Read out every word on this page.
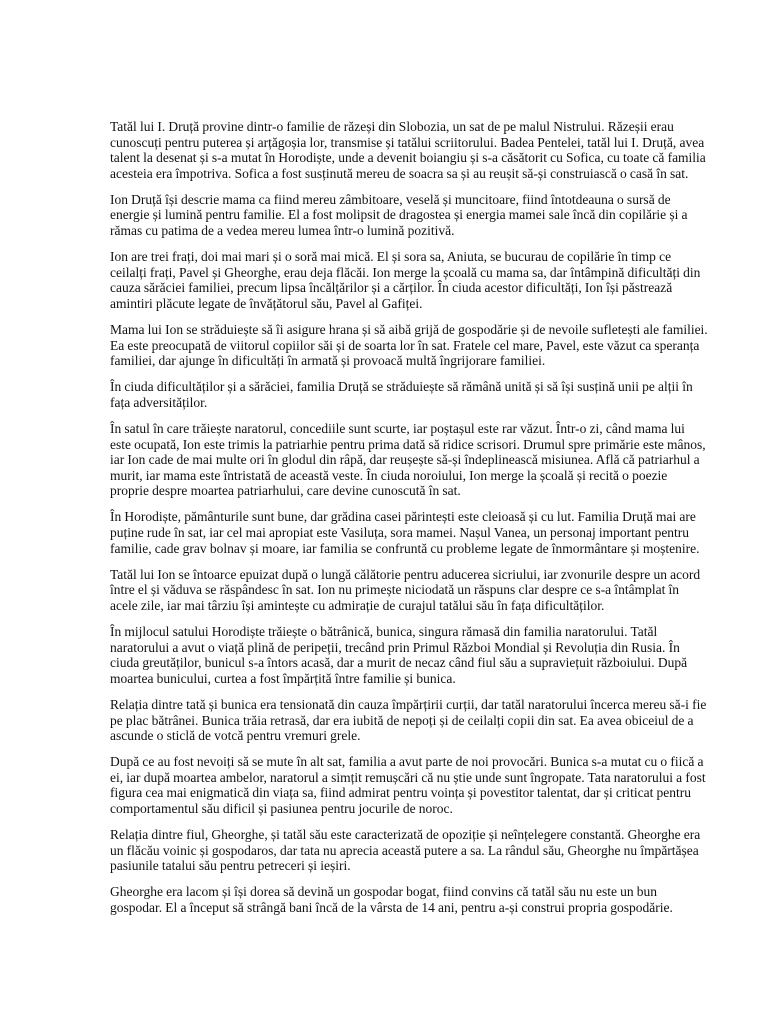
Tatăl lui I. Druță provine dintr-o familie de răzeși din Slobozia, un sat de pe malul Nistrului. Răzeșii erau cunoscuți pentru puterea și arțăgoșia lor, transmise și tatălui scriitorului. Badea Pentelei, tatăl lui I. Druță, avea talent la desenat și s-a mutat în Horodiște, unde a devenit boiangiu și s-a căsătorit cu Sofica, cu toate că familia acesteia era împotriva. Sofica a fost susținută mereu de soacra sa și au reușit să-și construiască o casă în sat.

Ion Druță își descrie mama ca fiind mereu zâmbitoare, veselă și muncitoare, fiind întotdeauna o sursă de energie și lumină pentru familie. El a fost molipsit de dragostea și energia mamei sale încă din copilărie și a rămas cu patima de a vedea mereu lumea într-o lumină pozitivă.

Ion are trei frați, doi mai mari și o soră mai mică. El și sora sa, Aniuta, se bucurau de copilărie în timp ce ceilalți frați, Pavel și Gheorghe, erau deja flăcăi. Ion merge la școală cu mama sa, dar întâmpină dificultăți din cauza sărăciei familiei, precum lipsa încălțărilor și a cărților. În ciuda acestor dificultăți, Ion își păstrează amintiri plăcute legate de învățătorul său, Pavel al Gafiței.

Mama lui Ion se străduiește să îi asigure hrana și să aibă grijă de gospodărie și de nevoile sufletești ale familiei. Ea este preocupată de viitorul copiilor săi și de soarta lor în sat. Fratele cel mare, Pavel, este văzut ca speranța familiei, dar ajunge în dificultăți în armată și provoacă multă îngrijorare familiei.

În ciuda dificultăților și a sărăciei, familia Druță se străduiește să rămână unită și să își susțină unii pe alții în fața adversităților.

În satul în care trăiește naratorul, concediile sunt scurte, iar poștașul este rar văzut. Într-o zi, când mama lui este ocupată, Ion este trimis la patriarhie pentru prima dată să ridice scrisori. Drumul spre primărie este mânos, iar Ion cade de mai multe ori în glodul din râpă, dar reușește să-și îndeplinească misiunea. Află că patriarhul a murit, iar mama este întristată de această veste. În ciuda noroiului, Ion merge la școală și recită o poezie proprie despre moartea patriarhului, care devine cunoscută în sat.

În Horodiște, pământurile sunt bune, dar grădina casei părintești este cleioasă și cu lut. Familia Druță mai are puține rude în sat, iar cel mai apropiat este Vasiluța, sora mamei. Nașul Vanea, un personaj important pentru familie, cade grav bolnav și moare, iar familia se confruntă cu probleme legate de înmormântare și moștenire.

Tatăl lui Ion se întoarce epuizat după o lungă călătorie pentru aducerea sicriului, iar zvonurile despre un acord între el și văduva se răspândesc în sat. Ion nu primește niciodată un răspuns clar despre ce s-a întâmplat în acele zile, iar mai târziu își amintește cu admirație de curajul tatălui său în fața dificultăților.

În mijlocul satului Horodiște trăiește o bătrânică, bunica, singura rămasă din familia naratorului. Tatăl naratorului a avut o viață plină de peripeții, trecând prin Primul Război Mondial și Revoluția din Rusia. În ciuda greutăților, bunicul s-a întors acasă, dar a murit de necaz când fiul său a supraviețuit războiului. După moartea bunicului, curtea a fost împărțită între familie și bunica.

Relația dintre tată și bunica era tensionată din cauza împărțirii curții, dar tatăl naratorului încerca mereu să-i fie pe plac bătrânei. Bunica trăia retrasă, dar era iubită de nepoți și de ceilalți copii din sat. Ea avea obiceiul de a ascunde o sticlă de votcă pentru vremuri grele.

După ce au fost nevoiți să se mute în alt sat, familia a avut parte de noi provocări. Bunica s-a mutat cu o fiică a ei, iar după moartea ambelor, naratorul a simțit remușcări că nu știe unde sunt îngropate. Tata naratorului a fost figura cea mai enigmatică din viața sa, fiind admirat pentru voința și povestitor talentat, dar și criticat pentru comportamentul său dificil și pasiunea pentru jocurile de noroc.

Relația dintre fiul, Gheorghe, și tatăl său este caracterizată de opoziție și neînțelegere constantă. Gheorghe era un flăcău voinic și gospodaros, dar tata nu aprecia această putere a sa. La rândul său, Gheorghe nu împărtășea pasiunile tatalui său pentru petreceri și ieșiri.

Gheorghe era lacom și își dorea să devină un gospodar bogat, fiind convins că tatăl său nu este un bun gospodar. El a început să strângă bani încă de la vârsta de 14 ani, pentru a-și construi propria gospodărie.
